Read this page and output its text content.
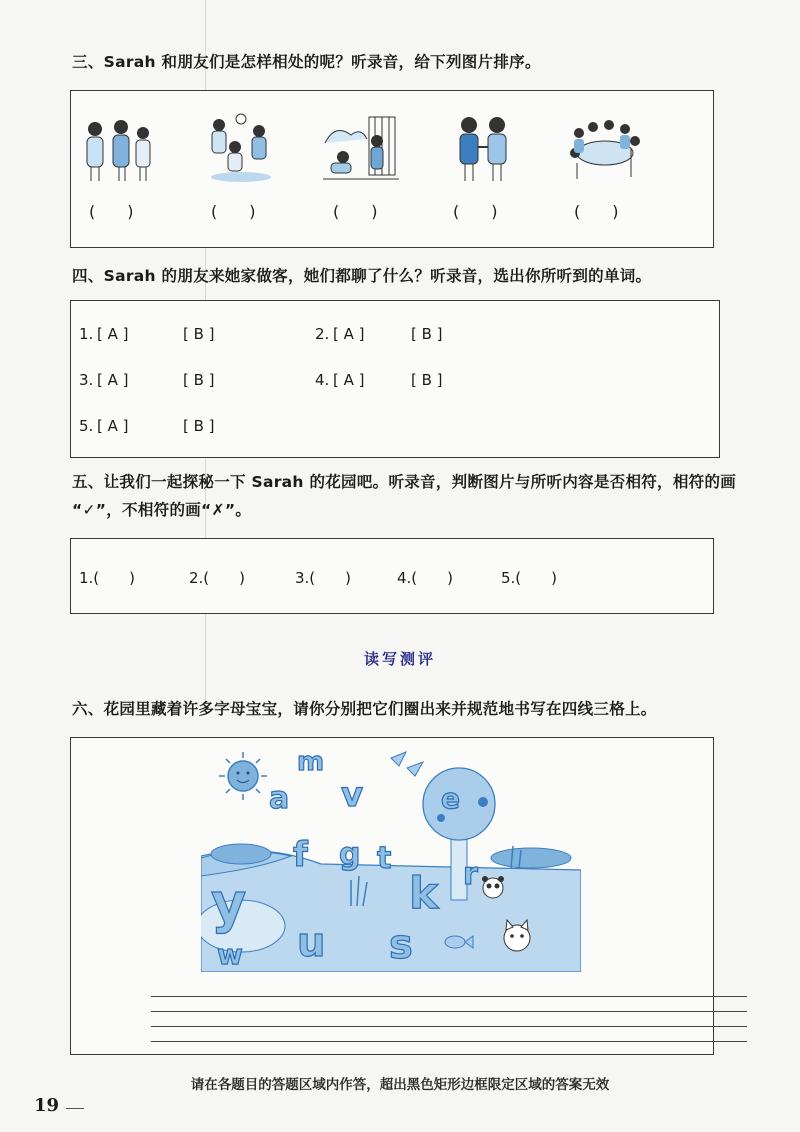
三、Sarah 和朋友们是怎样相处的呢？听录音，给下列图片排序。
(　　)	(　　)	(　　)	(　　)	(　　)
四、Sarah 的朋友来她家做客，她们都聊了什么？听录音，选出你所听到的单词。
1. [ A ]	[ B ]	2. [ A ]	[ B ]
3. [ A ]	[ B ]	4. [ A ]	[ B ]
5. [ A ]	[ B ]
五、让我们一起探秘一下 Sarah 的花园吧。听录音，判断图片与所听内容是否相符，相符的画
“✓”，不相符的画“✗”。
1.(　　)	2.(　　)	3.(　　)	4.(　　)	5.(　　)
读写测评
六、花园里藏着许多字母宝宝，请你分别把它们圈出来并规范地书写在四线三格上。
a
m
v	e
f g t
k r
y
w u s
请在各题目的答题区域内作答，超出黑色矩形边框限定区域的答案无效
19
